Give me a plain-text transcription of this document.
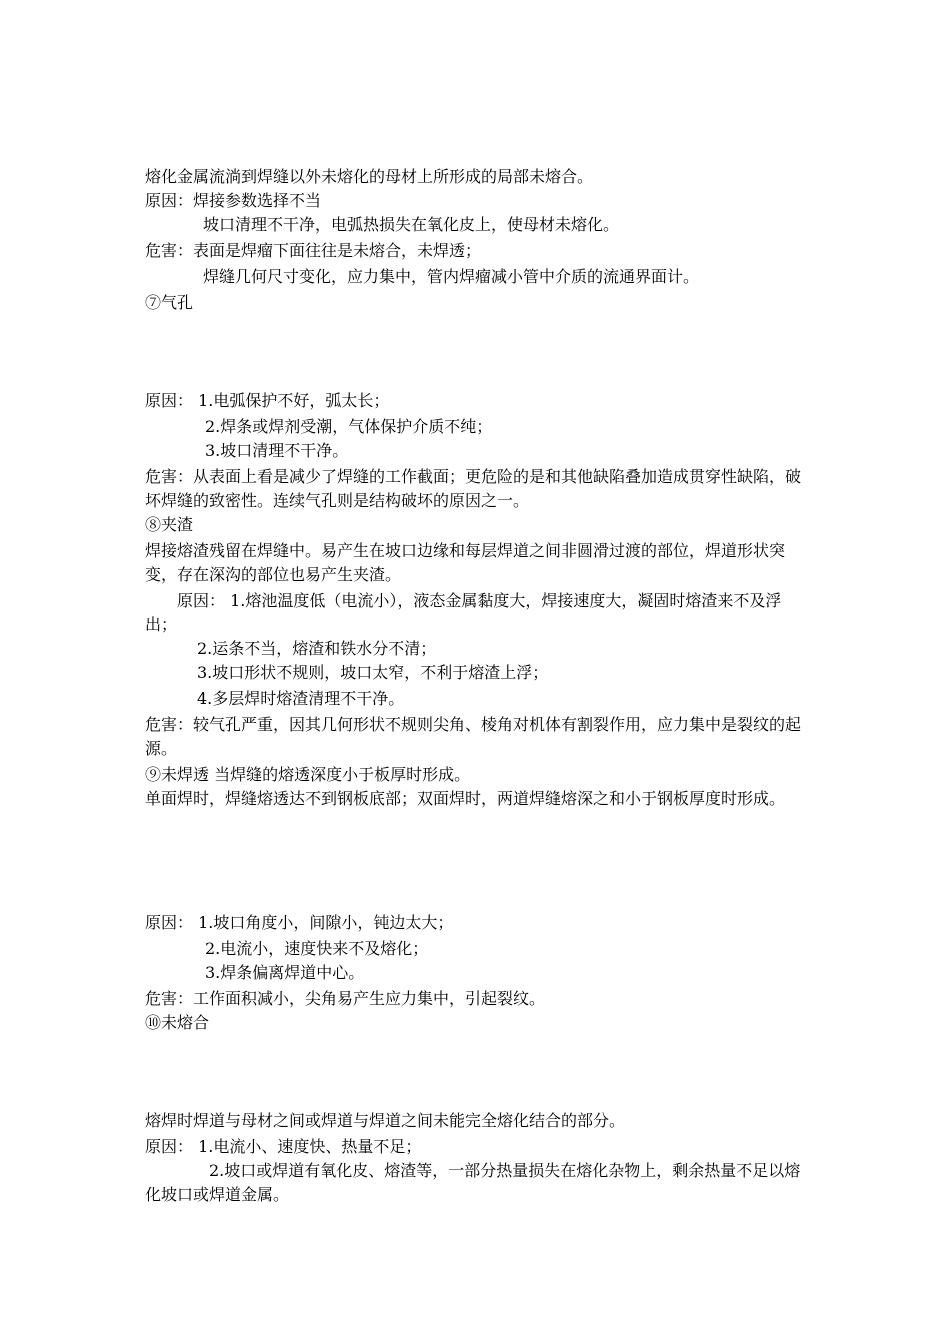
熔化金属流淌到焊缝以外未熔化的母材上所形成的局部未熔合。
原因：焊接参数选择不当
坡口清理不干净，电弧热损失在氧化皮上，使母材未熔化。
危害：表面是焊瘤下面往往是未熔合，未焊透；
焊缝几何尺寸变化，应力集中，管内焊瘤减小管中介质的流通界面计。
⑦气孔
原因： 1.电弧保护不好，弧太长；
2.焊条或焊剂受潮，气体保护介质不纯；
3.坡口清理不干净。
危害：从表面上看是减少了焊缝的工作截面；更危险的是和其他缺陷叠加造成贯穿性缺陷，破坏焊缝的致密性。连续气孔则是结构破坏的原因之一。
⑧夹渣
焊接熔渣残留在焊缝中。易产生在坡口边缘和每层焊道之间非圆滑过渡的部位，焊道形状突变，存在深沟的部位也易产生夹渣。
　　原因： 1.熔池温度低（电流小），液态金属黏度大，焊接速度大，凝固时熔渣来不及浮出；
2.运条不当，熔渣和铁水分不清；
3.坡口形状不规则，坡口太窄，不利于熔渣上浮；
4.多层焊时熔渣清理不干净。
危害：较气孔严重，因其几何形状不规则尖角、棱角对机体有割裂作用，应力集中是裂纹的起源。
⑨未焊透 当焊缝的熔透深度小于板厚时形成。
单面焊时，焊缝熔透达不到钢板底部；双面焊时，两道焊缝熔深之和小于钢板厚度时形成。
原因： 1.坡口角度小，间隙小，钝边太大；
2.电流小，速度快来不及熔化；
3.焊条偏离焊道中心。
危害：工作面积减小，尖角易产生应力集中，引起裂纹。
⑩未熔合
熔焊时焊道与母材之间或焊道与焊道之间未能完全熔化结合的部分。
原因： 1.电流小、速度快、热量不足；
　　　　2.坡口或焊道有氧化皮、熔渣等，一部分热量损失在熔化杂物上，剩余热量不足以熔化坡口或焊道金属。
